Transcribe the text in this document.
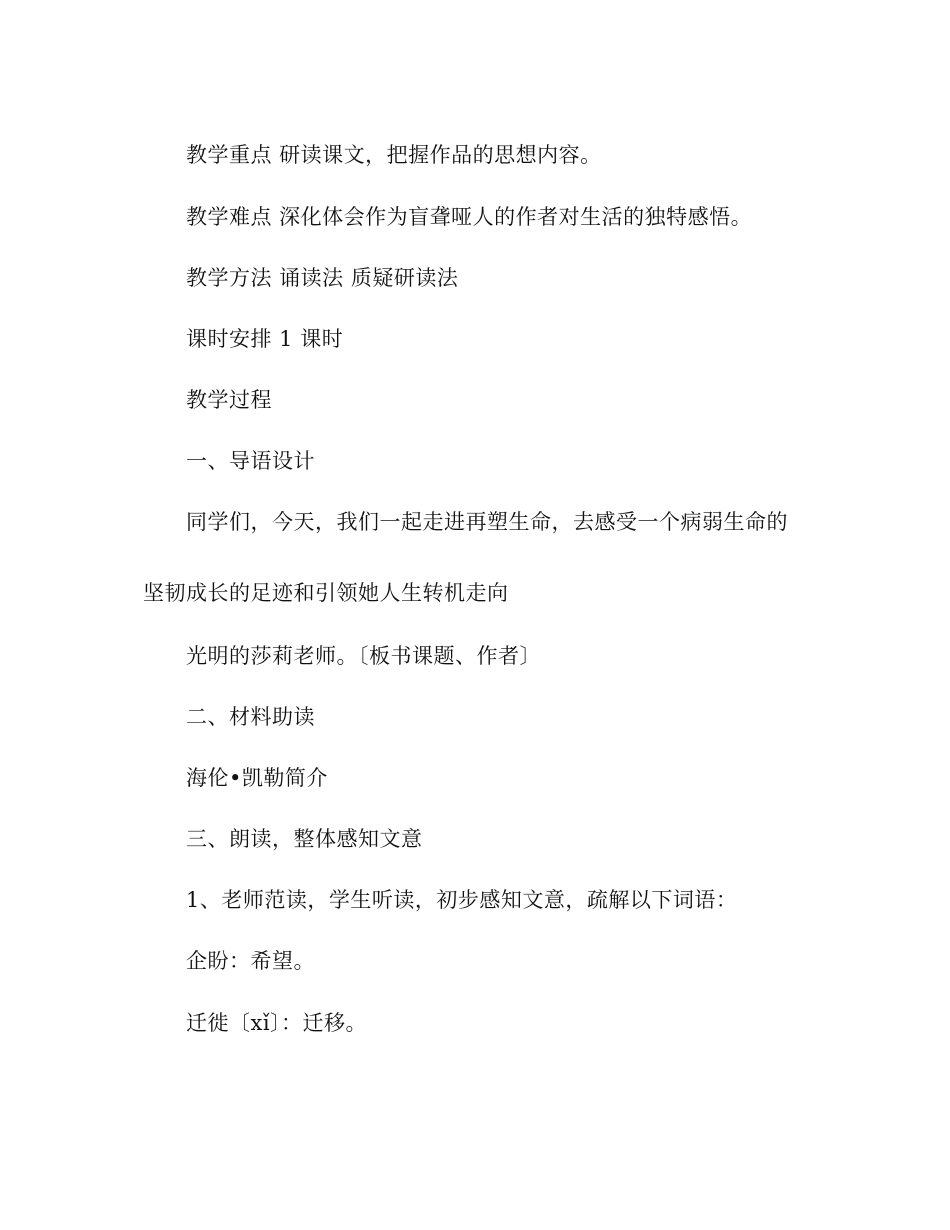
教学重点 研读课文，把握作品的思想内容。
教学难点 深化体会作为盲聋哑人的作者对生活的独特感悟。
教学方法 诵读法 质疑研读法
课时安排 1 课时
教学过程
一、导语设计
同学们，今天，我们一起走进再塑生命，去感受一个病弱生命的
坚韧成长的足迹和引领她人生转机走向
光明的莎莉老师。〔板书课题、作者〕
二、材料助读
海伦•凯勒简介
三、朗读，整体感知文意
1、老师范读，学生听读，初步感知文意，疏解以下词语：
企盼：希望。
迁徙〔xǐ〕：迁移。
